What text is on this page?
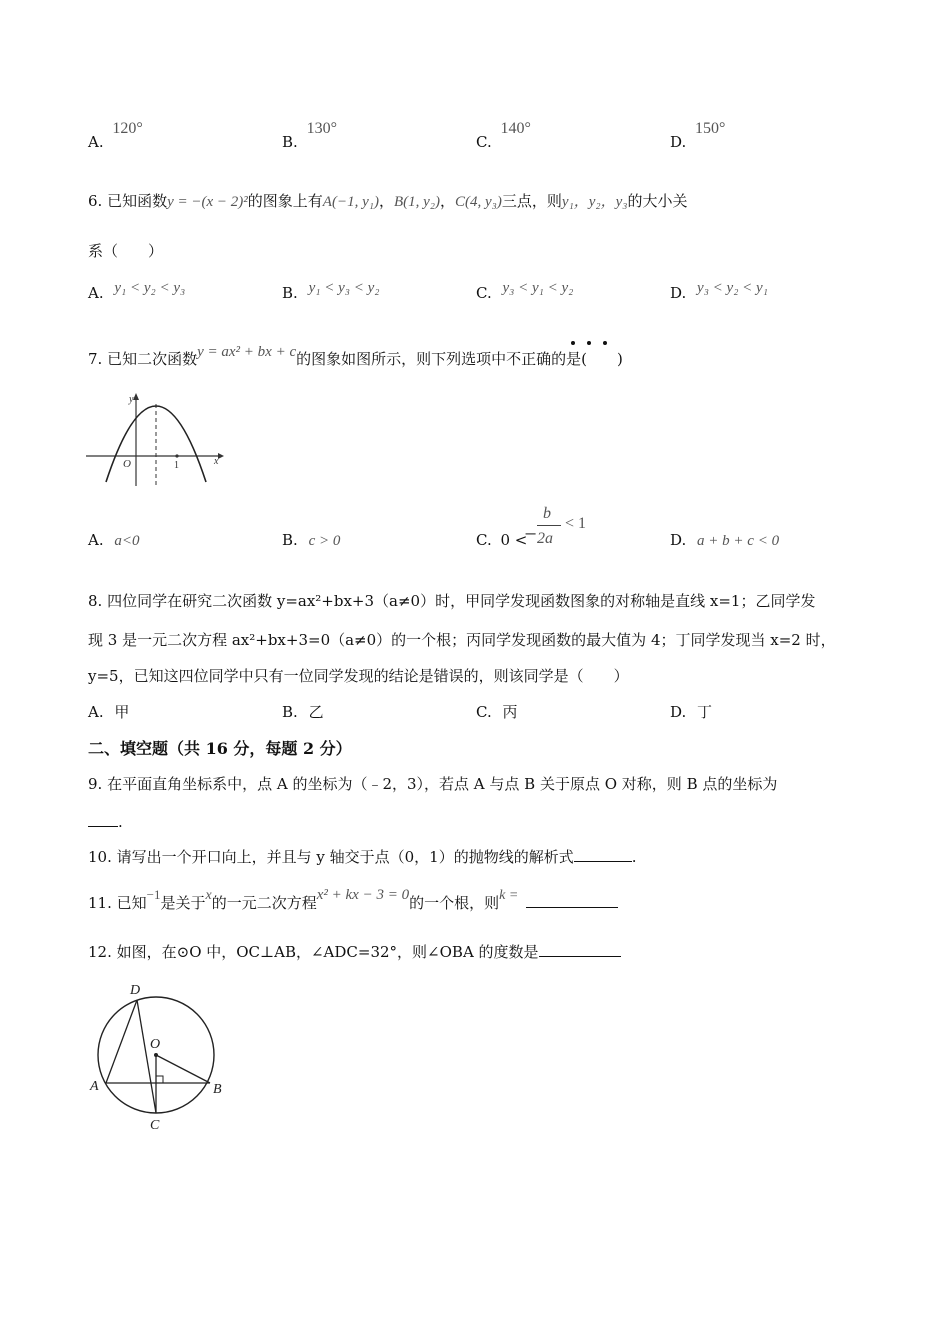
A. 120°
B. 130°
C. 140°
D. 150°
6. 已知函数y = −(x − 2)²的图象上有A(−1, y₁)，B(1, y₂)，C(4, y₃)三点，则y₁，y₂，y₃的大小关
系（　　）
A. y₁ < y₂ < y₃	B. y₁ < y₃ < y₂	C. y₃ < y₁ < y₂	D. y₃ < y₂ < y₁
7. 已知二次函数y = ax² + bx + c的图象如图所示，则下列选项中不正确的是(　　)
y
x
O	1
A. a<0	B. c > 0	C. 0 <
−
b
2a
< 1
D. a + b + c < 0
8. 四位同学在研究二次函数 y=ax²+bx+3（a≠0）时，甲同学发现函数图象的对称轴是直线 x=1；乙同学发
现 3 是一元二次方程 ax²+bx+3=0（a≠0）的一个根；丙同学发现函数的最大值为 4；丁同学发现当 x=2 时，
y=5，已知这四位同学中只有一位同学发现的结论是错误的，则该同学是（　　）
A. 甲	B. 乙	C. 丙	D. 丁
二、填空题（共 16 分，每题 2 分）
9. 在平面直角坐标系中，点 A 的坐标为（﹣2，3），若点 A 与点 B 关于原点 O 对称，则 B 点的坐标为
.
10. 请写出一个开口向上，并且与 y 轴交于点（0，1）的抛物线的解析式	.
11. 已知−1是关于x的一元二次方程x² + kx − 3 = 0的一个根，则k =
12. 如图，在⊙O 中，OC⊥AB，∠ADC=32°，则∠OBA 的度数是
D
O
A	B
C
